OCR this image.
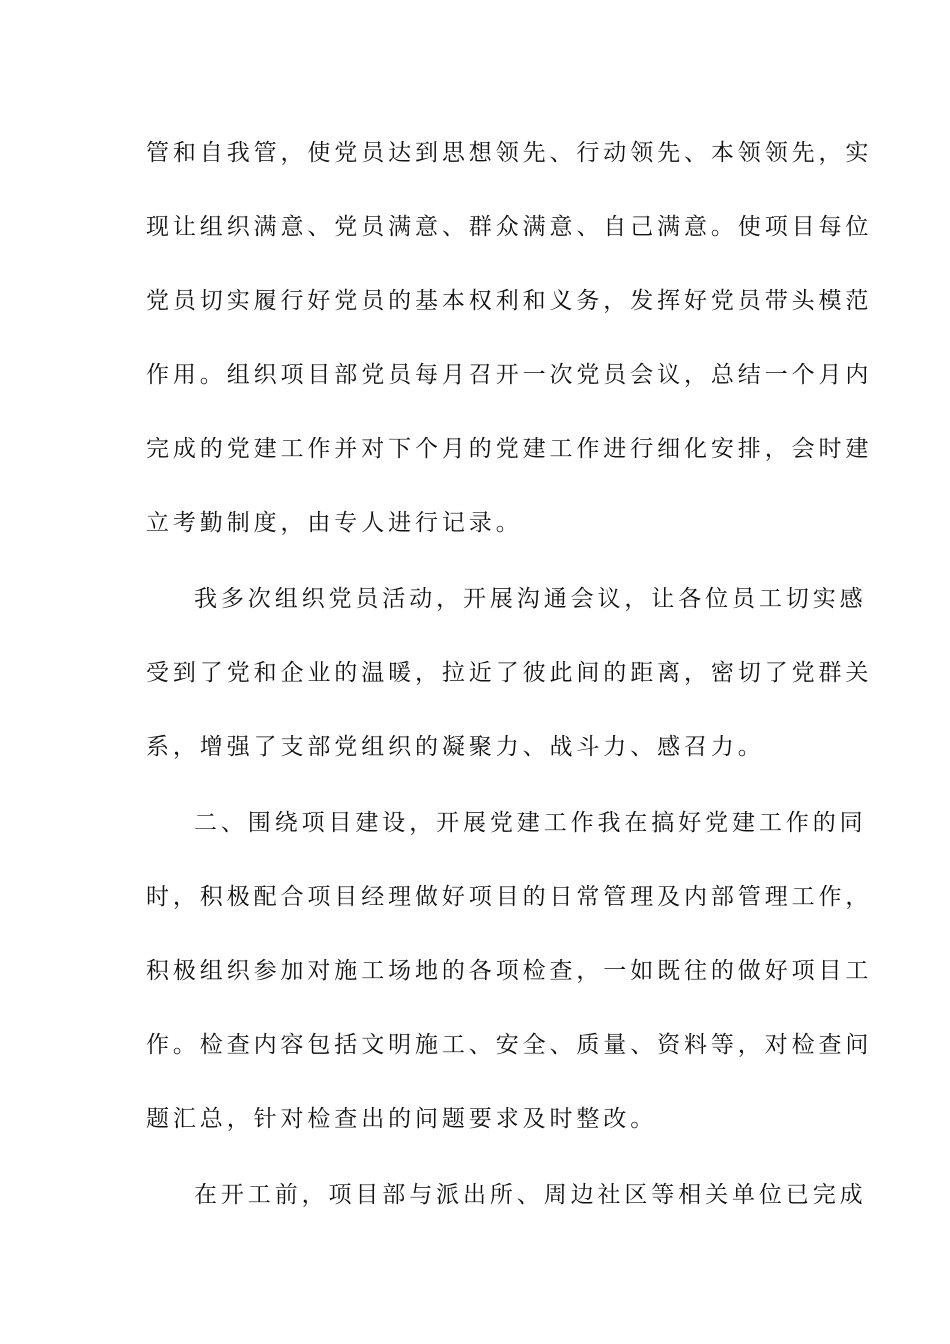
管和自我管，使党员达到思想领先、行动领先、本领领先，实
现让组织满意、党员满意、群众满意、自己满意。使项目每位
党员切实履行好党员的基本权利和义务，发挥好党员带头模范
作用。组织项目部党员每月召开一次党员会议，总结一个月内
完成的党建工作并对下个月的党建工作进行细化安排，会时建
立考勤制度，由专人进行记录。
我多次组织党员活动，开展沟通会议，让各位员工切实感
受到了党和企业的温暖，拉近了彼此间的距离，密切了党群关
系，增强了支部党组织的凝聚力、战斗力、感召力。
二、围绕项目建设，开展党建工作我在搞好党建工作的同
时，积极配合项目经理做好项目的日常管理及内部管理工作，
积极组织参加对施工场地的各项检查，一如既往的做好项目工
作。检查内容包括文明施工、安全、质量、资料等，对检查问
题汇总，针对检查出的问题要求及时整改。
在开工前，项目部与派出所、周边社区等相关单位已完成
